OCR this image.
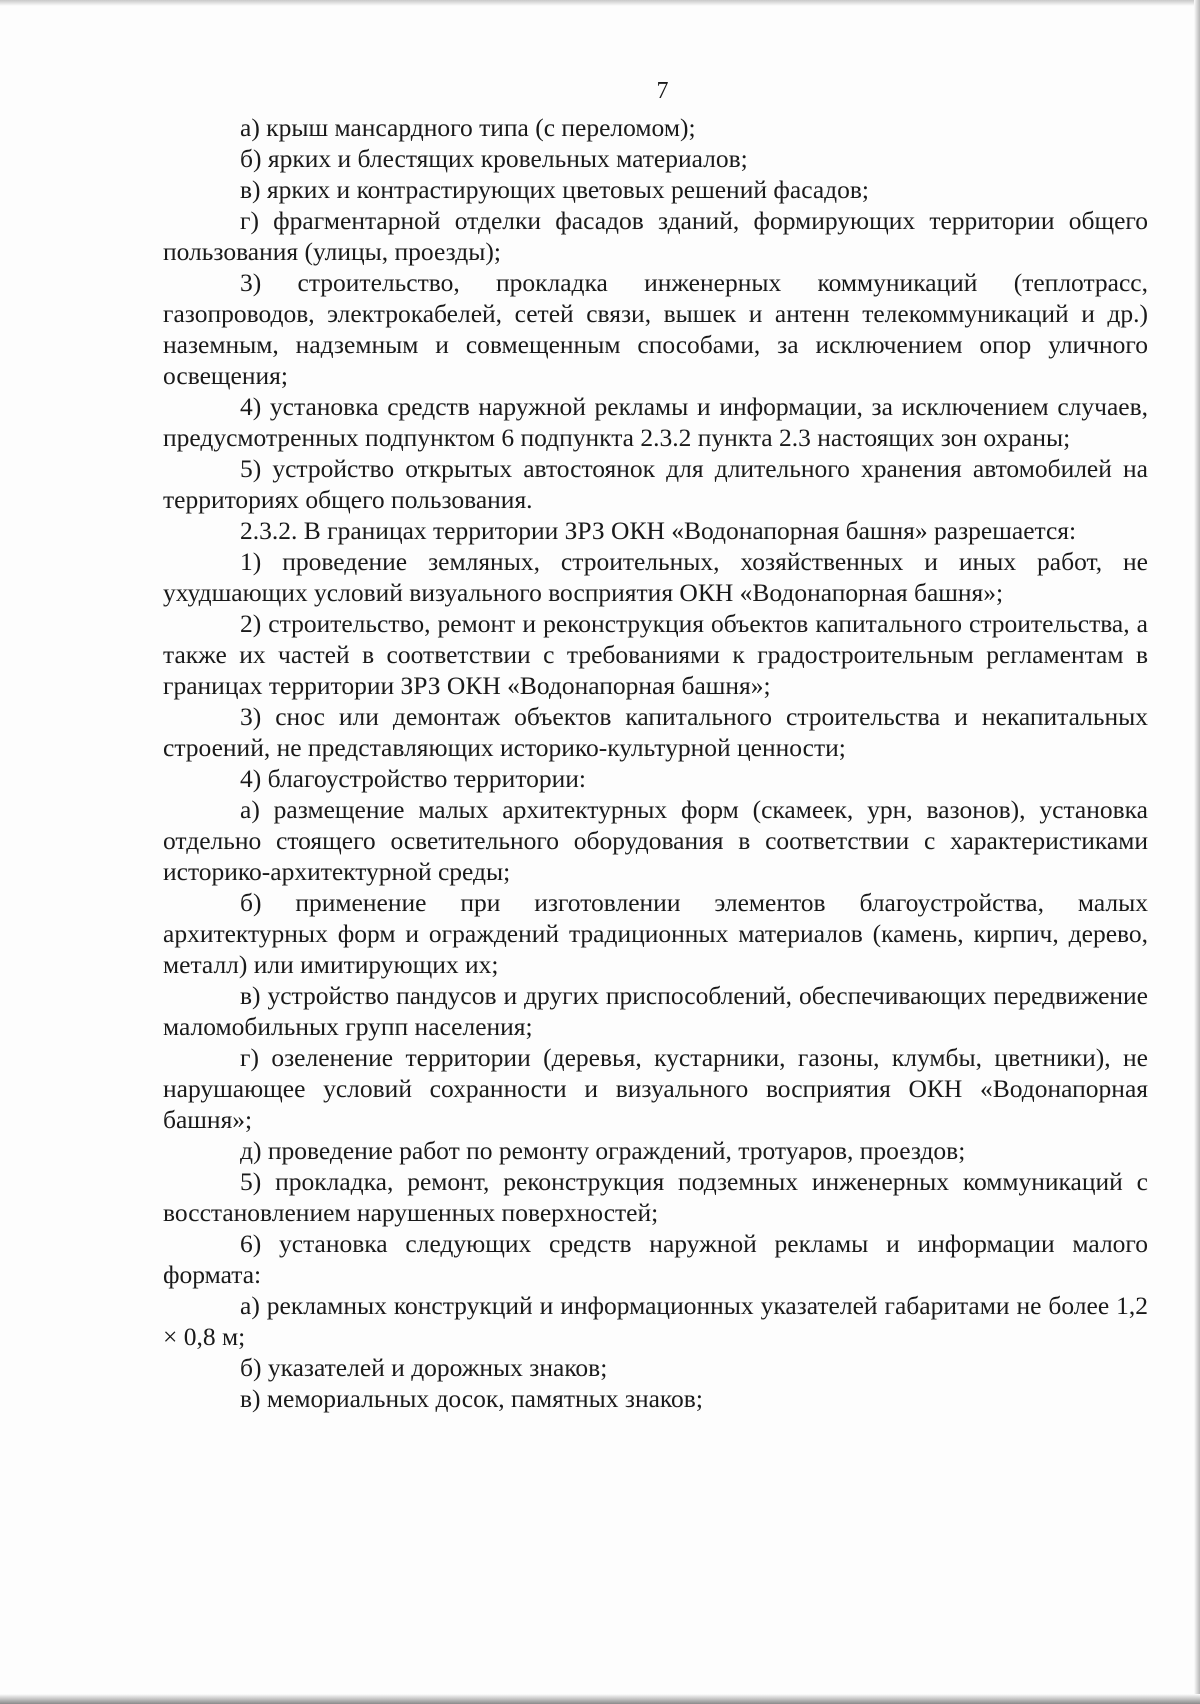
7

а) крыш мансардного типа (с переломом);

б) ярких и блестящих кровельных материалов;

в) ярких и контрастирующих цветовых решений фасадов;

г) фрагментарной отделки фасадов зданий, формирующих территории общего пользования (улицы, проезды);

3) строительство, прокладка инженерных коммуникаций (теплотрасс, газопроводов, электрокабелей, сетей связи, вышек и антенн телекоммуникаций и др.) наземным, надземным и совмещенным способами, за исключением опор уличного освещения;

4) установка средств наружной рекламы и информации, за исключением случаев, предусмотренных подпунктом 6 подпункта 2.3.2 пункта 2.3 настоящих зон охраны;

5) устройство открытых автостоянок для длительного хранения автомобилей на территориях общего пользования.

2.3.2. В границах территории ЗРЗ ОКН «Водонапорная башня» разрешается:

1) проведение земляных, строительных, хозяйственных и иных работ, не ухудшающих условий визуального восприятия ОКН «Водонапорная башня»;

2) строительство, ремонт и реконструкция объектов капитального строительства, а также их частей в соответствии с требованиями к градостроительным регламентам в границах территории ЗРЗ ОКН «Водонапорная башня»;

3) снос или демонтаж объектов капитального строительства и некапитальных строений, не представляющих историко-культурной ценности;

4) благоустройство территории:

а) размещение малых архитектурных форм (скамеек, урн, вазонов), установка отдельно стоящего осветительного оборудования в соответствии с характеристиками историко-архитектурной среды;

б) применение при изготовлении элементов благоустройства, малых архитектурных форм и ограждений традиционных материалов (камень, кирпич, дерево, металл) или имитирующих их;

в) устройство пандусов и других приспособлений, обеспечивающих передвижение маломобильных групп населения;

г) озеленение территории (деревья, кустарники, газоны, клумбы, цветники), не нарушающее условий сохранности и визуального восприятия ОКН «Водонапорная башня»;

д) проведение работ по ремонту ограждений, тротуаров, проездов;

5) прокладка, ремонт, реконструкция подземных инженерных коммуникаций с восстановлением нарушенных поверхностей;

6) установка следующих средств наружной рекламы и информации малого формата:

а) рекламных конструкций и информационных указателей габаритами не более 1,2 × 0,8 м;

б) указателей и дорожных знаков;

в) мемориальных досок, памятных знаков;
